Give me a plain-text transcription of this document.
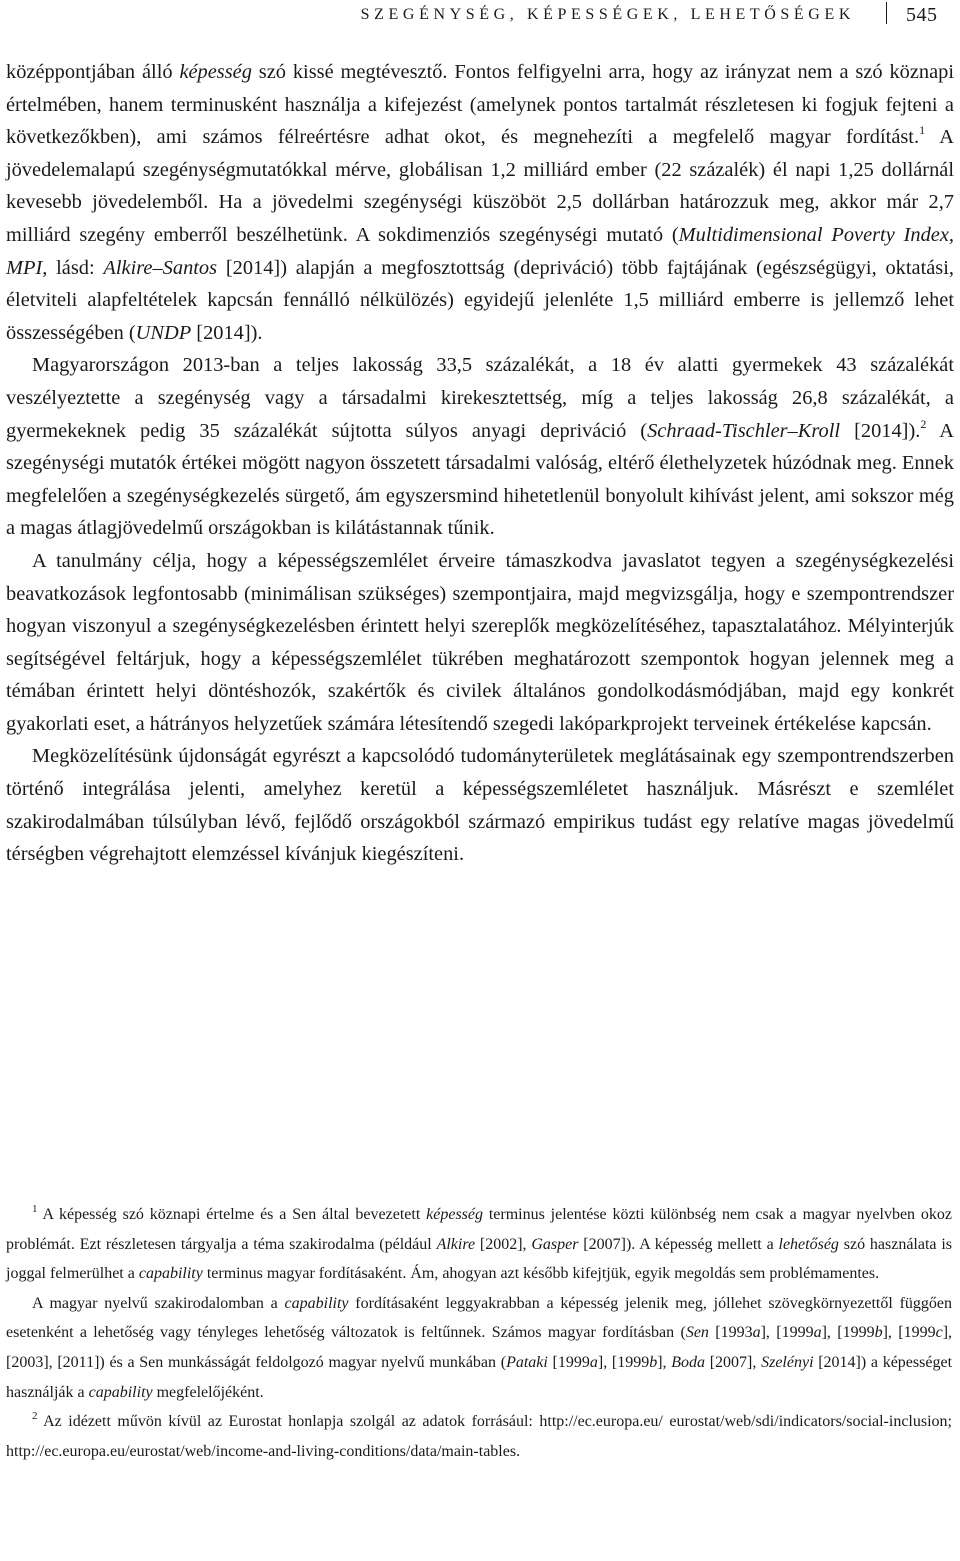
SZEGÉNYSÉG, KÉPESSÉGEK, LEHETŐSÉGEK	545

középpontjában álló képesség szó kissé megtévesztő. Fontos felfigyelni arra, hogy az irányzat nem a szó köznapi értelmében, hanem terminusként használja a kifejezést (amelynek pontos tartalmát részletesen ki fogjuk fejteni a következőkben), ami számos félreértésre adhat okot, és megnehezíti a megfelelő magyar fordítást.$^1$ A jövedelemalapú szegénységmutatókkal mérve, globálisan 1,2 milliárd ember (22 százalék) él napi 1,25 dollárnál kevesebb jövedelemből. Ha a jövedelmi szegénységi küszöböt 2,5 dollárban határozzuk meg, akkor már 2,7 milliárd szegény emberről beszélhetünk. A sokdimenziós szegénységi mutató (Multidimensional Poverty Index, MPI, lásd: Alkire–Santos [2014]) alapján a megfosztottság (depriváció) több fajtájának (egészségügyi, oktatási, életviteli alapfeltételek kapcsán fennálló nélkülözés) egyidejű jelenléte 1,5 milliárd emberre is jellemző lehet összességében (UNDP [2014]).

Magyarországon 2013-ban a teljes lakosság 33,5 százalékát, a 18 év alatti gyermekek 43 százalékát veszélyeztette a szegénység vagy a társadalmi kirekesztettség, míg a teljes lakosság 26,8 százalékát, a gyermekeknek pedig 35 százalékát sújtotta súlyos anyagi depriváció (Schraad-Tischler–Kroll [2014]).$^2$ A szegénységi mutatók értékei mögött nagyon összetett társadalmi valóság, eltérő élethelyzetek húzódnak meg. Ennek megfelelően a szegénységkezelés sürgető, ám egyszersmind hihetetlenül bonyolult kihívást jelent, ami sokszor még a magas átlagjövedelmű országokban is kilátástannak tűnik.

A tanulmány célja, hogy a képességszemlélet érveire támaszkodva javaslatot tegyen a szegénységkezelési beavatkozások legfontosabb (minimálisan szükséges) szempontjaira, majd megvizsgálja, hogy e szempontrendszer hogyan viszonyul a szegénységkezelésben érintett helyi szereplők megközelítéséhez, tapasztalatához. Mélyinterjúk segítségével feltárjuk, hogy a képességszemlélet tükrében meghatározott szempontok hogyan jelennek meg a témában érintett helyi döntéshozók, szakértők és civilek általános gondolkodásmódjában, majd egy konkrét gyakorlati eset, a hátrányos helyzetűek számára létesítendő szegedi lakóparkprojekt terveinek értékelése kapcsán.

Megközelítésünk újdonságát egyrészt a kapcsolódó tudományterületek meglátásainak egy szempontrendszerben történő integrálása jelenti, amelyhez keretül a képességszemléletet használjuk. Másrészt e szemlélet szakirodalmában túlsúlyban lévő, fejlődő országokból származó empirikus tudást egy relatíve magas jövedelmű térségben végrehajtott elemzéssel kívánjuk kiegészíteni.

$^1$ A képesség szó köznapi értelme és a Sen által bevezetett képesség terminus jelentése közti különbség nem csak a magyar nyelvben okoz problémát. Ezt részletesen tárgyalja a téma szakirodalma (például Alkire [2002], Gasper [2007]). A képesség mellett a lehetőség szó használata is joggal felmerülhet a capability terminus magyar fordításaként. Ám, ahogyan azt később kifejtjük, egyik megoldás sem problémamentes.

A magyar nyelvű szakirodalomban a capability fordításaként leggyakrabban a képesség jelenik meg, jóllehet szövegkörnyezettől függően esetenként a lehetőség vagy tényleges lehetőség változatok is feltűnnek. Számos magyar fordításban (Sen [1993a], [1999a], [1999b], [1999c], [2003], [2011]) és a Sen munkásságát feldolgozó magyar nyelvű munkában (Pataki [1999a], [1999b], Boda [2007], Szelényi [2014]) a képességet használják a capability megfelelőjéként.

$^2$ Az idézett művön kívül az Eurostat honlapja szolgál az adatok forrásául: http://ec.europa.eu/ eurostat/web/sdi/indicators/social-inclusion; http://ec.europa.eu/eurostat/web/income-and-living-conditions/data/main-tables.
